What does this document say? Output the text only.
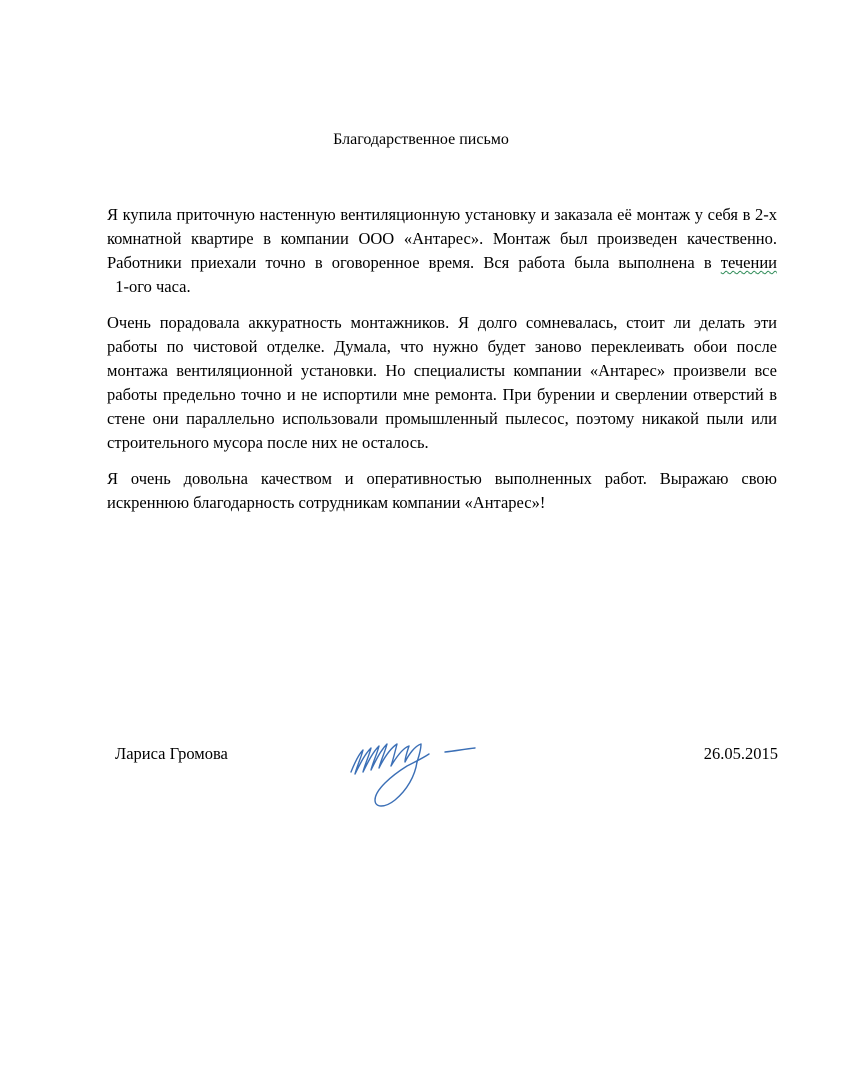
Благодарственное письмо

Я купила приточную настенную вентиляционную установку и заказала её монтаж у себя в 2-х комнатной квартире в компании ООО «Антарес». Монтаж был произведен качественно. Работники приехали точно в оговоренное время. Вся работа была выполнена в течении  1-ого часа.

Очень порадовала аккуратность монтажников. Я долго сомневалась, стоит ли делать эти работы по чистовой отделке. Думала, что нужно будет заново переклеивать обои после монтажа вентиляционной установки. Но специалисты компании «Антарес» произвели все работы предельно точно и не испортили мне ремонта. При бурении и сверлении отверстий в стене они параллельно использовали промышленный пылесос, поэтому никакой пыли или строительного мусора после них не осталось.

Я очень довольна качеством и оперативностью выполненных работ. Выражаю свою искреннюю благодарность сотрудникам компании «Антарес»!

Лариса Громова	26.05.2015
